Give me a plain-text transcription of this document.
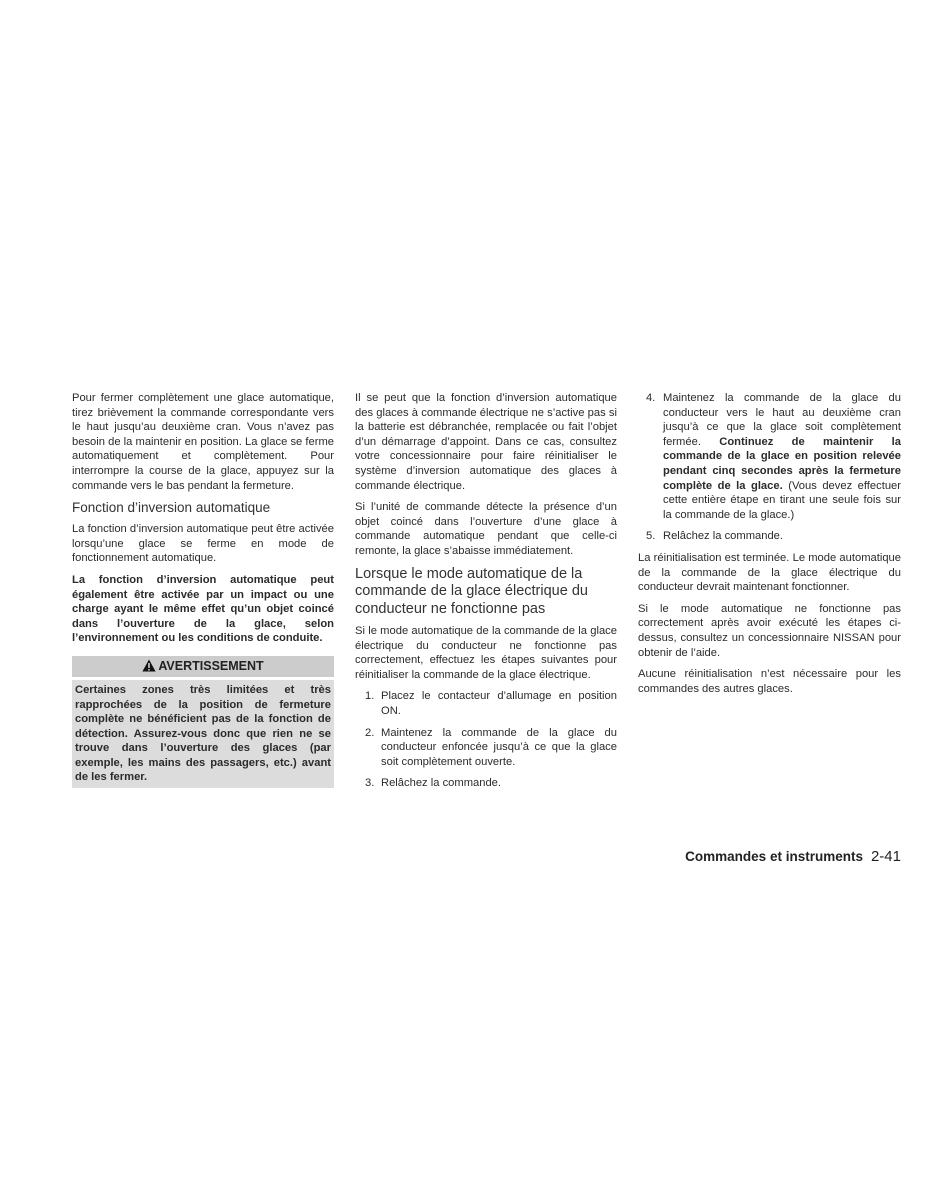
Pour fermer complètement une glace automatique, tirez brièvement la commande correspondante vers le haut jusqu’au deuxième cran. Vous n’avez pas besoin de la maintenir en position. La glace se ferme automatiquement et complètement. Pour interrompre la course de la glace, appuyez sur la commande vers le bas pendant la fermeture.

Fonction d’inversion automatique

La fonction d’inversion automatique peut être activée lorsqu’une glace se ferme en mode de fonctionnement automatique.

La fonction d’inversion automatique peut également être activée par un impact ou une charge ayant le même effet qu’un objet coincé dans l’ouverture de la glace, selon l’environnement ou les conditions de conduite.

AVERTISSEMENT
Certaines zones très limitées et très rapprochées de la position de fermeture complète ne bénéficient pas de la fonction de détection. Assurez-vous donc que rien ne se trouve dans l’ouverture des glaces (par exemple, les mains des passagers, etc.) avant de les fermer.

Il se peut que la fonction d’inversion automatique des glaces à commande électrique ne s’active pas si la batterie est débranchée, remplacée ou fait l’objet d’un démarrage d’appoint. Dans ce cas, consultez votre concessionnaire pour faire réinitialiser le système d’inversion automatique des glaces à commande électrique.

Si l’unité de commande détecte la présence d’un objet coincé dans l’ouverture d’une glace à commande automatique pendant que celle-ci remonte, la glace s’abaisse immédiatement.

Lorsque le mode automatique de la commande de la glace électrique du conducteur ne fonctionne pas

Si le mode automatique de la commande de la glace électrique du conducteur ne fonctionne pas correctement, effectuez les étapes suivantes pour réinitialiser la commande de la glace électrique.

1. Placez le contacteur d’allumage en position ON.
2. Maintenez la commande de la glace du conducteur enfoncée jusqu’à ce que la glace soit complètement ouverte.
3. Relâchez la commande.
4. Maintenez la commande de la glace du conducteur vers le haut au deuxième cran jusqu’à ce que la glace soit complètement fermée. Continuez de maintenir la commande de la glace en position relevée pendant cinq secondes après la fermeture complète de la glace. (Vous devez effectuer cette entière étape en tirant une seule fois sur la commande de la glace.)
5. Relâchez la commande.

La réinitialisation est terminée. Le mode automatique de la commande de la glace électrique du conducteur devrait maintenant fonctionner.

Si le mode automatique ne fonctionne pas correctement après avoir exécuté les étapes ci-dessus, consultez un concessionnaire NISSAN pour obtenir de l’aide.

Aucune réinitialisation n’est nécessaire pour les commandes des autres glaces.

Commandes et instruments 2-41
